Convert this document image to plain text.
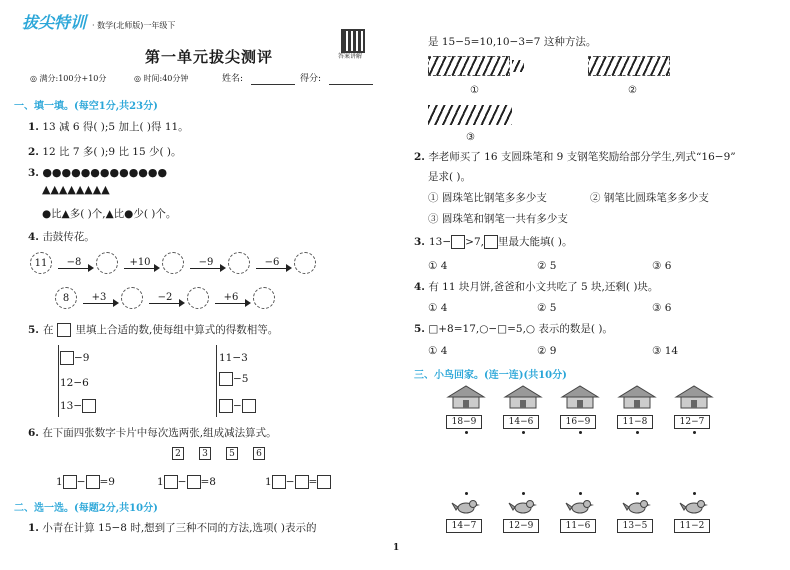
拔尖特训 · 数学(北师版)一年级下
答案讲解
第一单元拔尖测评
◎ 满分:100分+10分	◎ 时间:40分钟	姓名:	得分:
一、填一填。(每空1分,共23分)
1. 13 减 6 得( );5 加上( )得 11。
2. 12 比 7 多( );9 比 15 少( )。
3. ●●●●●●●●●●●●●
▲▲▲▲▲▲▲▲
●比▲多( )个,▲比●少( )个。
4. 击鼓传花。
11	−8	+10	−9	−6
8	+3	−2	+6
5. 在 里填上合适的数,使每组中算式的得数相等。
−9
12−6
13−
11−3
−5
−
6. 在下面四张数字卡片中每次选两张,组成减法算式。
2	3	5	6
1 − =9	1 − =8	1 − =
二、选一选。(每题2分,共10分)
1. 小青在计算 15−8 时,想到了三种不同的方法,选项( )表示的
1
是 15−5=10,10−3=7 这种方法。
①	②
③
2. 李老师买了 16 支圆珠笔和 9 支钢笔奖励给部分学生,列式“16−9”
是求( )。
① 圆珠笔比钢笔多多少支	② 钢笔比圆珠笔多多少支
③ 圆珠笔和钢笔一共有多少支
3. 13− >7, 里最大能填( )。
① 4	② 5	③ 6
4. 有 11 块月饼,爸爸和小文共吃了 5 块,还剩( )块。
① 4	② 5	③ 6
5. □+8=17,○−□=5,○ 表示的数是( )。
① 4	② 9	③ 14
三、小鸟回家。(连一连)(共10分)
18−9	14−6	16−9	11−8	12−7
14−7	12−9	11−6	13−5	11−2
